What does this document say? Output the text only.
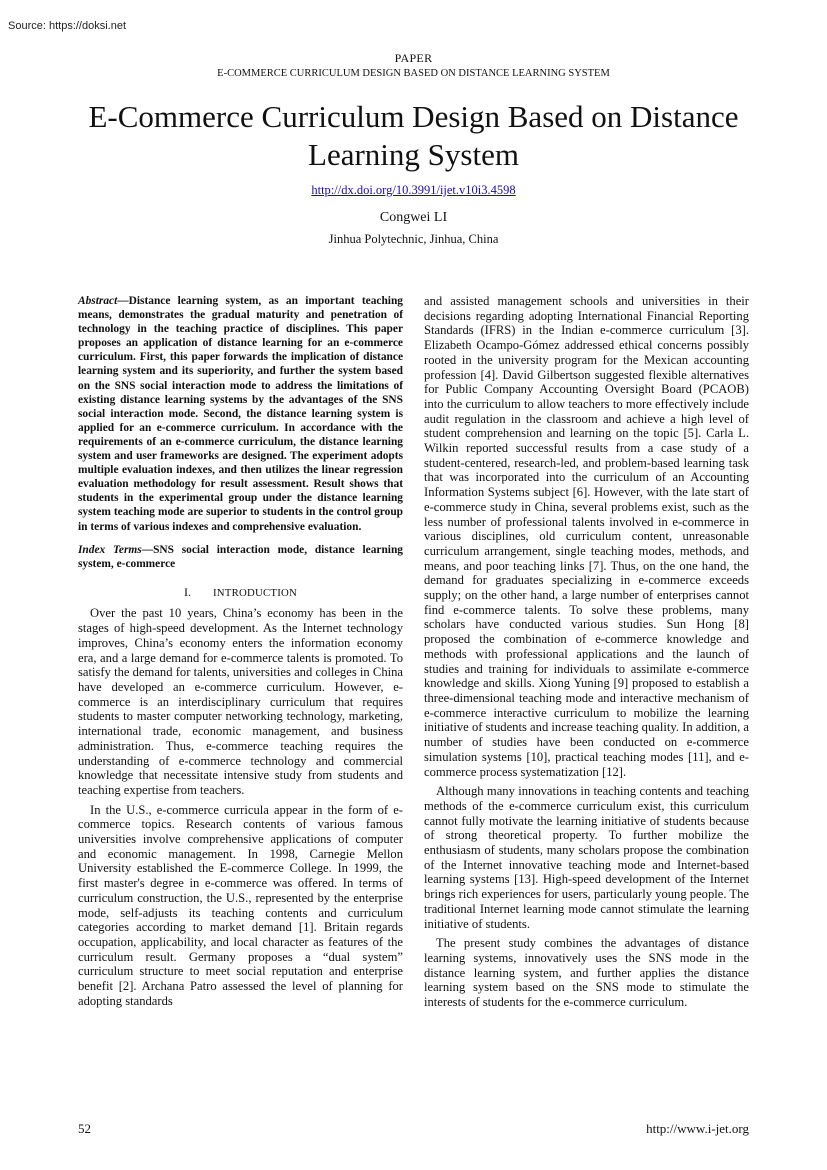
Source: https://doksi.net
PAPER
E-COMMERCE CURRICULUM DESIGN BASED ON DISTANCE LEARNING SYSTEM
E-Commerce Curriculum Design Based on Distance Learning System
http://dx.doi.org/10.3991/ijet.v10i3.4598
Congwei LI
Jinhua Polytechnic, Jinhua, China

Abstract—Distance learning system, as an important teaching means, demonstrates the gradual maturity and penetration of technology in the teaching practice of disciplines. This paper proposes an application of distance learning for an e-commerce curriculum. First, this paper forwards the implication of distance learning system and its superiority, and further the system based on the SNS social interaction mode to address the limitations of existing distance learning systems by the advantages of the SNS social interaction mode. Second, the distance learning system is applied for an e-commerce curriculum. In accordance with the requirements of an e-commerce curriculum, the distance learning system and user frameworks are designed. The experiment adopts multiple evaluation indexes, and then utilizes the linear regression evaluation methodology for result assessment. Result shows that students in the experimental group under the distance learning system teaching mode are superior to students in the control group in terms of various indexes and comprehensive evaluation.

Index Terms—SNS social interaction mode, distance learning system, e-commerce

I. INTRODUCTION

Over the past 10 years, China’s economy has been in the stages of high-speed development. As the Internet technology improves, China’s economy enters the information economy era, and a large demand for e-commerce talents is promoted. To satisfy the demand for talents, universities and colleges in China have developed an e-commerce curriculum. However, e-commerce is an interdisciplinary curriculum that requires students to master computer networking technology, marketing, international trade, economic management, and business administration. Thus, e-commerce teaching requires the understanding of e-commerce technology and commercial knowledge that necessitate intensive study from students and teaching expertise from teachers.

In the U.S., e-commerce curricula appear in the form of e-commerce topics. Research contents of various famous universities involve comprehensive applications of computer and economic management. In 1998, Carnegie Mellon University established the E-commerce College. In 1999, the first master's degree in e-commerce was offered. In terms of curriculum construction, the U.S., represented by the enterprise mode, self-adjusts its teaching contents and curriculum categories according to market demand [1]. Britain regards occupation, applicability, and local character as features of the curriculum result. Germany proposes a “dual system” curriculum structure to meet social reputation and enterprise benefit [2]. Archana Patro assessed the level of planning for adopting standards

and assisted management schools and universities in their decisions regarding adopting International Financial Reporting Standards (IFRS) in the Indian e-commerce curriculum [3]. Elizabeth Ocampo-Gómez addressed ethical concerns possibly rooted in the university program for the Mexican accounting profession [4]. David Gilbertson suggested flexible alternatives for Public Company Accounting Oversight Board (PCAOB) into the curriculum to allow teachers to more effectively include audit regulation in the classroom and achieve a high level of student comprehension and learning on the topic [5]. Carla L. Wilkin reported successful results from a case study of a student-centered, research-led, and problem-based learning task that was incorporated into the curriculum of an Accounting Information Systems subject [6]. However, with the late start of e-commerce study in China, several problems exist, such as the less number of professional talents involved in e-commerce in various disciplines, old curriculum content, unreasonable curriculum arrangement, single teaching modes, methods, and means, and poor teaching links [7]. Thus, on the one hand, the demand for graduates specializing in e-commerce exceeds supply; on the other hand, a large number of enterprises cannot find e-commerce talents. To solve these problems, many scholars have conducted various studies. Sun Hong [8] proposed the combination of e-commerce knowledge and methods with professional applications and the launch of studies and training for individuals to assimilate e-commerce knowledge and skills. Xiong Yuning [9] proposed to establish a three-dimensional teaching mode and interactive mechanism of e-commerce interactive curriculum to mobilize the learning initiative of students and increase teaching quality. In addition, a number of studies have been conducted on e-commerce simulation systems [10], practical teaching modes [11], and e-commerce process systematization [12].

Although many innovations in teaching contents and teaching methods of the e-commerce curriculum exist, this curriculum cannot fully motivate the learning initiative of students because of strong theoretical property. To further mobilize the enthusiasm of students, many scholars propose the combination of the Internet innovative teaching mode and Internet-based learning systems [13]. High-speed development of the Internet brings rich experiences for users, particularly young people. The traditional Internet learning mode cannot stimulate the learning initiative of students.

The present study combines the advantages of distance learning systems, innovatively uses the SNS mode in the distance learning system, and further applies the distance learning system based on the SNS mode to stimulate the interests of students for the e-commerce curriculum.

52	http://www.i-jet.org
